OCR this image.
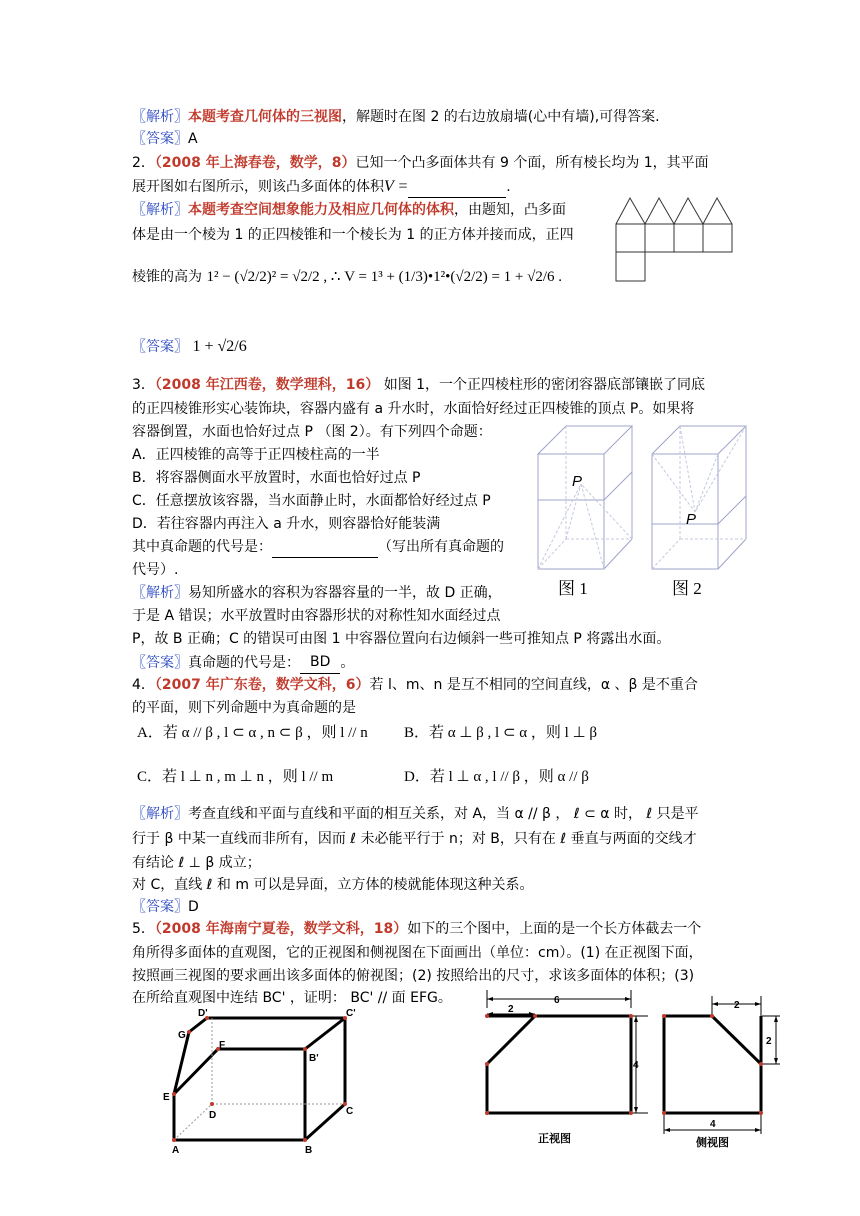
〖解析〗本题考查几何体的三视图，解题时在图 2 的右边放扇墙(心中有墙),可得答案.
〖答案〗A
2．（2008 年上海春卷，数学，8）已知一个凸多面体共有 9 个面，所有棱长均为 1，其平面
展开图如右图所示，则该凸多面体的体积V =	.
〖解析〗本题考查空间想象能力及相应几何体的体积，由题知，凸多面
体是由一个棱为 1 的正四棱锥和一个棱长为 1 的正方体并接而成，正四
棱锥的高为 1² − (√2/2)² = √2/2 , ∴ V = 1³ + (1/3)•1²•(√2/2) = 1 + √2/6 .
〖答案〗 1 + √2/6
3．（2008 年江西卷，数学理科，16） 如图 1，一个正四棱柱形的密闭容器底部镶嵌了同底
的正四棱锥形实心装饰块，容器内盛有 a 升水时，水面恰好经过正四棱锥的顶点 P。如果将
容器倒置，水面也恰好过点 P （图 2）。有下列四个命题：
A．正四棱锥的高等于正四棱柱高的一半
B．将容器侧面水平放置时，水面也恰好过点 P
C．任意摆放该容器，当水面静止时，水面都恰好经过点 P
D．若往容器内再注入 a 升水，则容器恰好能装满
其中真命题的代号是：	（写出所有真命题的
代号）.
〖解析〗易知所盛水的容积为容器容量的一半，故 D 正确，
于是 A 错误；水平放置时由容器形状的对称性知水面经过点
P，故 B 正确；C 的错误可由图 1 中容器位置向右边倾斜一些可推知点 P 将露出水面。
〖答案〗真命题的代号是： BD 。
P
图 1
P
图 2
4．（2007 年广东卷，数学文科，6）若 l、m、n 是互不相同的空间直线，α 、β 是不重合
的平面，则下列命题中为真命题的是
A．若 α // β , l ⊂ α , n ⊂ β ，则 l // n B．若 α ⊥ β , l ⊂ α ，则 l ⊥ β
C．若 l ⊥ n , m ⊥ n ，则 l // m	D．若 l ⊥ α , l // β ，则 α // β
〖解析〗考查直线和平面与直线和平面的相互关系，对 A，当 α // β ， ℓ ⊂ α 时， ℓ 只是平
行于 β 中某一直线而非所有，因而 ℓ 未必能平行于 n；对 B，只有在 ℓ 垂直与两面的交线才
有结论 ℓ ⊥ β 成立；
对 C，直线 ℓ 和 m 可以是异面，立方体的棱就能体现这种关系。
〖答案〗D
5．（2008 年海南宁夏卷，数学文科，18）如下的三个图中，上面的是一个长方体截去一个
角所得多面体的直观图，它的正视图和侧视图在下面画出（单位：cm）。(1) 在正视图下面，
按照画三视图的要求画出该多面体的俯视图；(2) 按照给出的尺寸，求该多面体的体积；(3)
在所给直观图中连结 BC' ，证明： BC' // 面 EFG。
D'	C'
G
F
B'
E
D	C
A	B
6
2
4
正视图
2
2
4
侧视图
